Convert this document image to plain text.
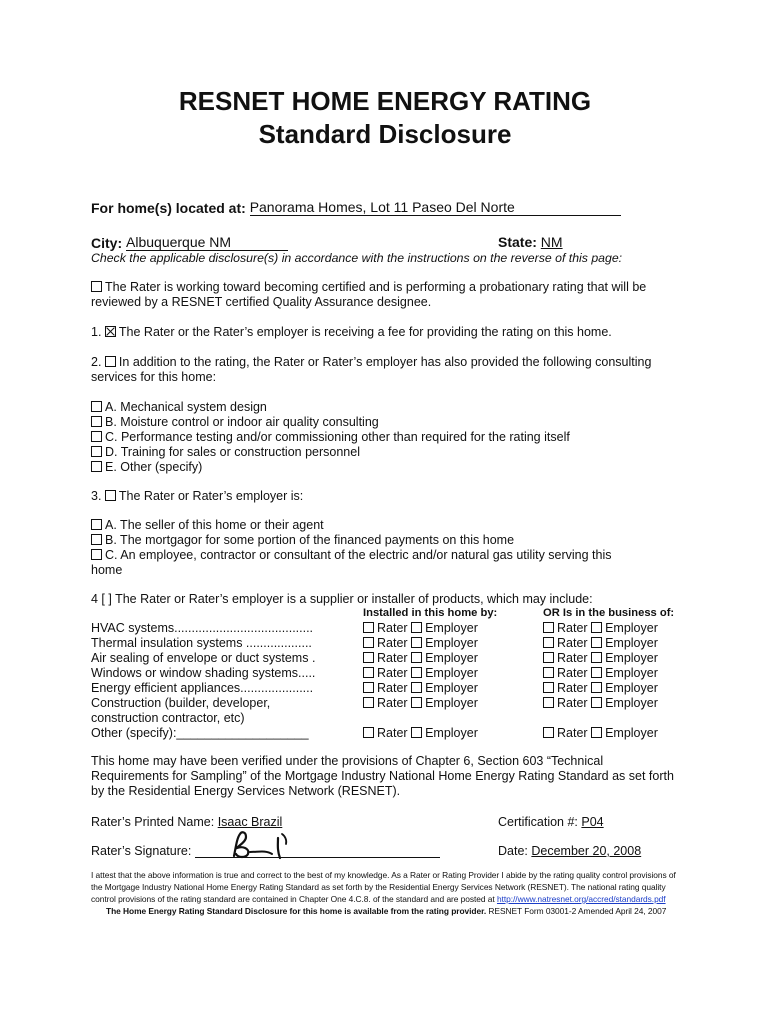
RESNET HOME ENERGY RATING
Standard Disclosure
For home(s) located at: Panorama Homes, Lot 11 Paseo Del Norte
City: Albuquerque NM	State: NM
Check the applicable disclosure(s) in accordance with the instructions on the reverse of this page:
The Rater is working toward becoming certified and is performing a probationary rating that will be
reviewed by a RESNET certified Quality Assurance designee.
1. The Rater or the Rater’s employer is receiving a fee for providing the rating on this home.
2. In addition to the rating, the Rater or Rater’s employer has also provided the following consulting
services for this home:
A. Mechanical system design
B. Moisture control or indoor air quality consulting
C. Performance testing and/or commissioning other than required for the rating itself
D. Training for sales or construction personnel
E. Other (specify)
3. The Rater or Rater’s employer is:
A. The seller of this home or their agent
B. The mortgagor for some portion of the financed payments on this home
C. An employee, contractor or consultant of the electric and/or natural gas utility serving this
home
4 [ ] The Rater or Rater’s employer is a supplier or installer of products, which may include:
Installed in this home by:	OR Is in the business of:
HVAC systems........................................	Rater Employer	Rater Employer
Thermal insulation systems ...................	Rater Employer	Rater Employer
Air sealing of envelope or duct systems .	Rater Employer	Rater Employer
Windows or window shading systems.....	Rater Employer	Rater Employer
Energy efficient appliances.....................	Rater Employer	Rater Employer
Construction (builder, developer,	Rater Employer	Rater Employer
construction contractor, etc)
Other (specify):___________________	Rater Employer	Rater Employer
This home may have been verified under the provisions of Chapter 6, Section 603 “Technical
Requirements for Sampling” of the Mortgage Industry National Home Energy Rating Standard as set forth
by the Residential Energy Services Network (RESNET).
Rater’s Printed Name: Isaac Brazil	Certification #: P04
Rater’s Signature:	Date: December 20, 2008
I attest that the above information is true and correct to the best of my knowledge. As a Rater or Rating Provider I abide by the rating quality control provisions of
the Mortgage Industry National Home Energy Rating Standard as set forth by the Residential Energy Services Network (RESNET). The national rating quality
control provisions of the rating standard are contained in Chapter One 4.C.8. of the standard and are posted at http://www.natresnet.org/accred/standards.pdf
The Home Energy Rating Standard Disclosure for this home is available from the rating provider. RESNET Form 03001-2 Amended April 24, 2007
